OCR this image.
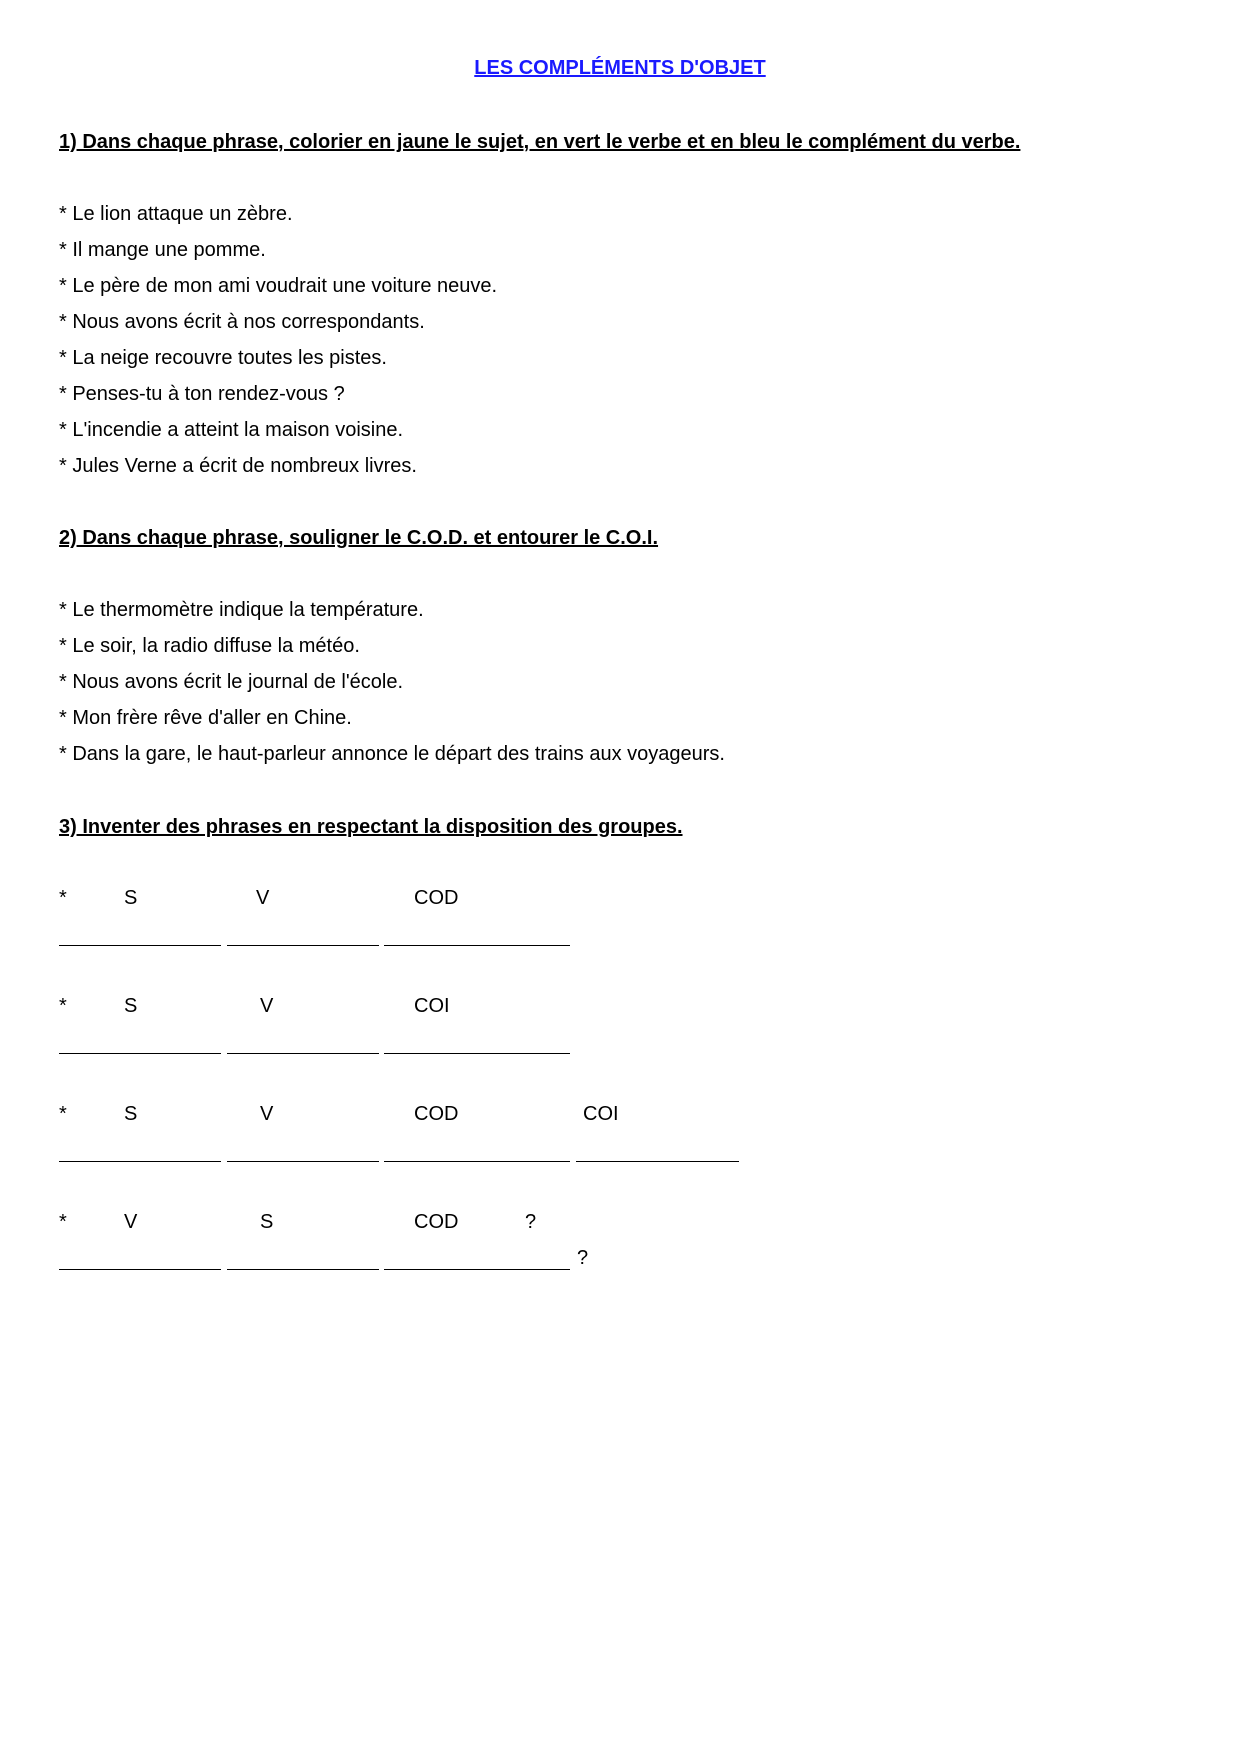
LES COMPLÉMENTS D'OBJET
1) Dans chaque phrase, colorier en jaune le sujet, en vert le verbe et en bleu le complément du verbe.
* Le lion attaque un zèbre.
* Il mange une pomme.
* Le père de mon ami voudrait une voiture neuve.
* Nous avons écrit à nos correspondants.
* La neige recouvre toutes les pistes.
* Penses-tu à ton rendez-vous ?
* L'incendie a atteint la maison voisine.
* Jules Verne a écrit de nombreux livres.
2) Dans chaque phrase, souligner le C.O.D. et entourer le C.O.I.
* Le thermomètre indique la température.
* Le soir, la radio diffuse la météo.
* Nous avons écrit le journal de l'école.
* Mon frère rêve d'aller en Chine.
* Dans la gare, le haut-parleur annonce le départ des trains aux voyageurs.
3) Inventer des phrases en respectant la disposition des groupes.
*	S	V	COD
*	S	V	COI
*	S	V	COD	COI
*	V	S	COD	?
?
